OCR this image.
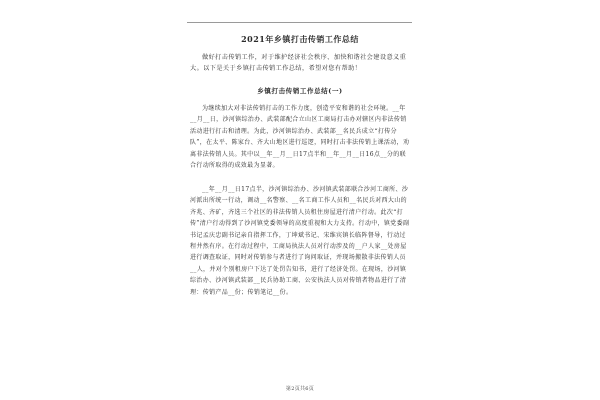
2021年乡镇打击传销工作总结
做好打击传销工作，对于维护经济社会秩序、加快和谐社会建设意义重大。以下是关于乡镇打击传销工作总结，希望对您有帮助！
乡镇打击传销工作总结(一)
为继续加大对非法传销打击的工作力度，创造平安和谐的社会环境。__年__月__日，沙河镇综治办、武装部配合立山区工商局打击办对辖区内非法传销活动进行打击和清理。为此，沙河镇综治办、武装部__名民兵成立“打传分队”，在太平、陈家台、齐大山地区进行巡逻，同时打击非法传销上课活动，劝离非法传销人员。其中以__年__月__日17点半和__年__月__日16点__分的联合行动所取得的成效最为显著。
__年__月__日17点半，沙河镇综治办、沙河镇武装部联合沙河工商所、沙河派出所统一行动，调动__名警察、__名工商工作人员和__名民兵对西大山的齐兆、齐矿，齐选三个社区的非法传销人员租住房屋进行清户行动。此次“打传”清户行动得到了沙河镇党委领导的高度重视和大力支持。行动中，镇党委副书记孟庆忠副书记亲自指挥工作，丁坤斌书记、宋维宾镇长临阵督导，行动过程井然有序。在行动过程中，工商局执法人员对行动涉及的__户人家__处房屋进行调查取证，同时对传销参与者进行了询问取证，并现场搬散非法传销人员__人，并对个别租房户下达了处罚告知书，进行了经济处罚。在现场，沙河镇综治办、沙河镇武装部__民兵协助工商、公安执法人员对传销者物品进行了清理：传销产品__份；传销笔记__份。
第2页共6页
